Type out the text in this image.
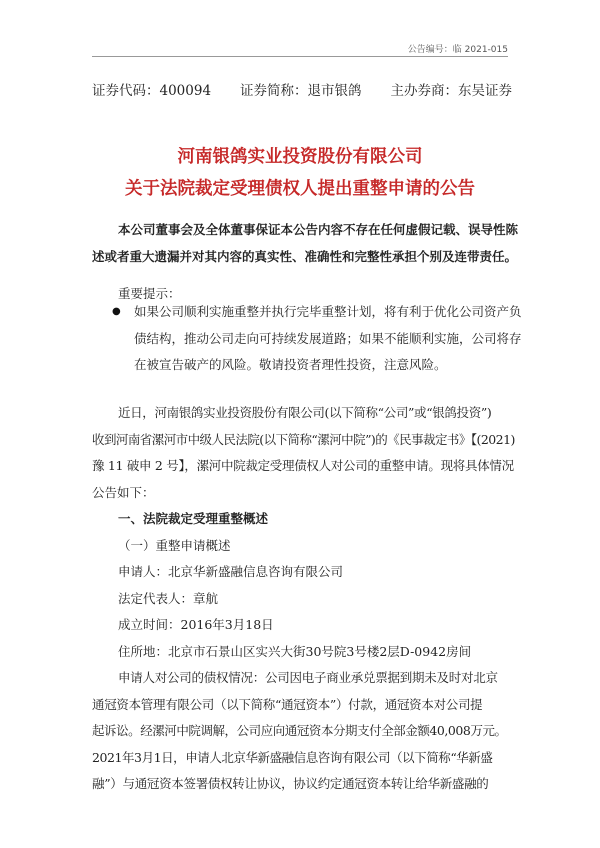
公告编号：临 2021-015
证券代码：400094 证券简称：退市银鸽 主办券商：东吴证券
河南银鸽实业投资股份有限公司
关于法院裁定受理债权人提出重整申请的公告
本公司董事会及全体董事保证本公告内容不存在任何虚假记载、误导性陈
述或者重大遗漏并对其内容的真实性、准确性和完整性承担个别及连带责任。
重要提示：
● 如果公司顺利实施重整并执行完毕重整计划，将有利于优化公司资产负
债结构，推动公司走向可持续发展道路；如果不能顺利实施，公司将存
在被宣告破产的风险。敬请投资者理性投资，注意风险。
近日，河南银鸽实业投资股份有限公司(以下简称“公司”或“银鸽投资”)
收到河南省漯河市中级人民法院(以下简称“漯河中院”)的《民事裁定书》【(2021)
豫 11 破申 2 号】，漯河中院裁定受理债权人对公司的重整申请。现将具体情况
公告如下：
一、法院裁定受理重整概述
（一）重整申请概述
申请人：北京华新盛融信息咨询有限公司
法定代表人：章航
成立时间：2016年3月18日
住所地：北京市石景山区实兴大街30号院3号楼2层D-0942房间
申请人对公司的债权情况：公司因电子商业承兑票据到期未及时对北京
通冠资本管理有限公司（以下简称“通冠资本”）付款，通冠资本对公司提
起诉讼。经漯河中院调解，公司应向通冠资本分期支付全部金额40,008万元。
2021年3月1日，申请人北京华新盛融信息咨询有限公司（以下简称“华新盛
融”）与通冠资本签署债权转让协议，协议约定通冠资本转让给华新盛融的
